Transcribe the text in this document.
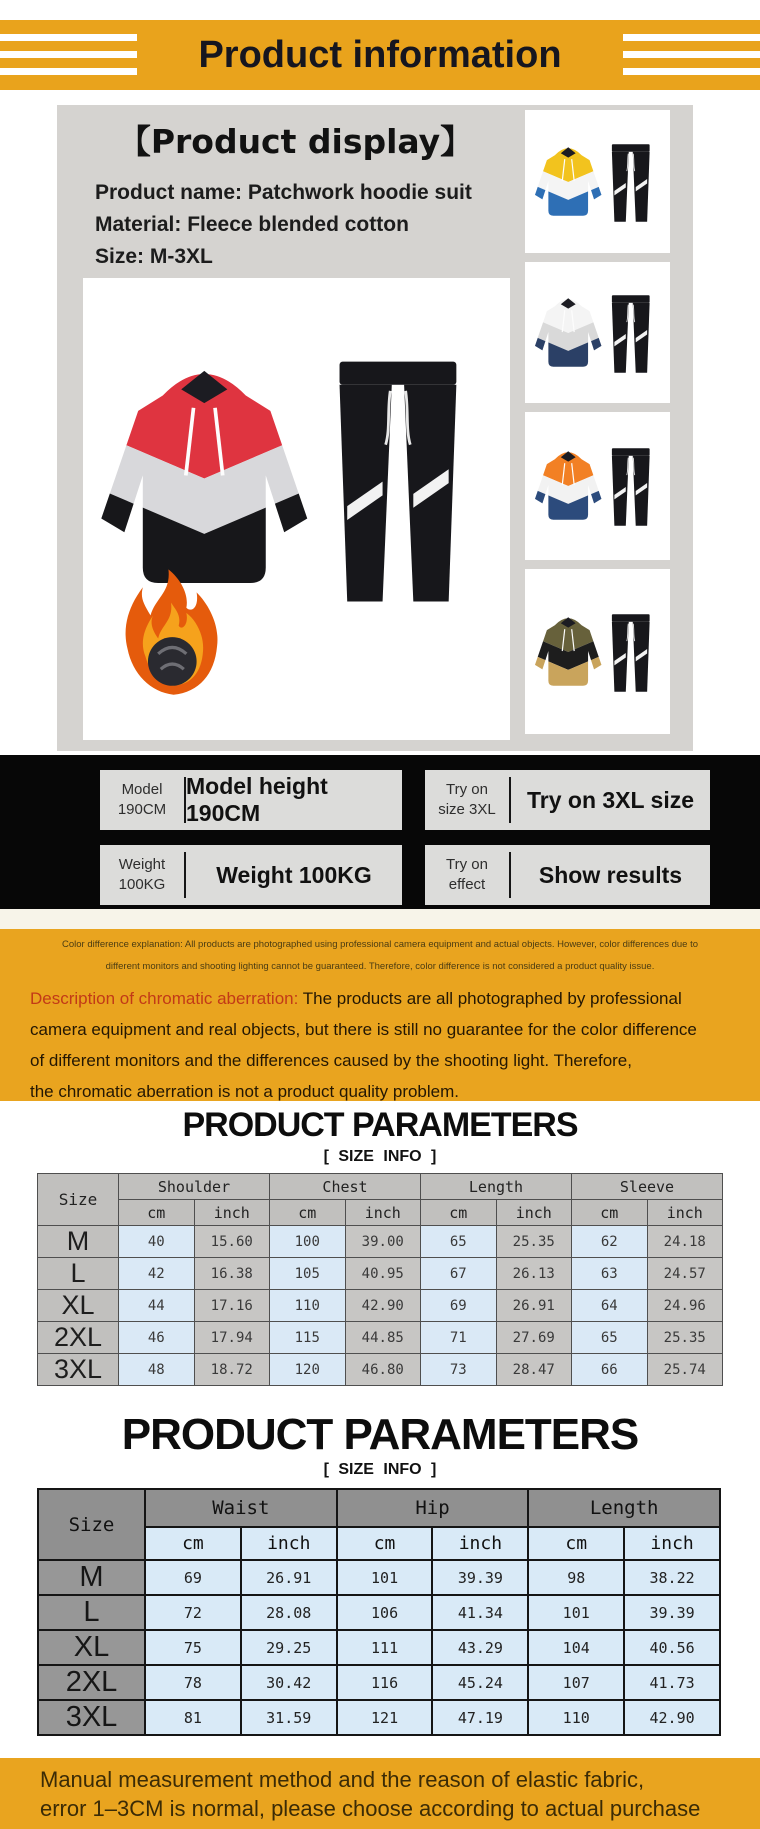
Product information
【Product display】
Product name: Patchwork hoodie suit
Material: Fleece blended cotton
Size: M-3XL
Model
190CM
Model height 190CM
Try on
size 3XL	Try on 3XL size
Weight
100KG	Weight 100KG	Try on
effect	Show results
Color difference explanation: All products are photographed using professional camera equipment and actual objects. However, color differences due to
different monitors and shooting lighting cannot be guaranteed. Therefore, color difference is not considered a product quality issue.
Description of chromatic aberration: The products are all photographed by professional
camera equipment and real objects, but there is still no guarantee for the color difference
of different monitors and the differences caused by the shooting light. Therefore,
the chromatic aberration is not a product quality problem.
PRODUCT PARAMETERS
[ SIZE INFO ]
Size	Shoulder		Chest		Length		Sleeve	
	cm	inch	cm	inch	cm	inch	cm	inch
M	40	15.60	100	39.00	65	25.35	62	24.18
L	42	16.38	105	40.95	67	26.13	63	24.57
XL	44	17.16	110	42.90	69	26.91	64	24.96
2XL	46	17.94	115	44.85	71	27.69	65	25.35
3XL	48	18.72	120	46.80	73	28.47	66	25.74
PRODUCT PARAMETERS
[ SIZE INFO ]
Size	Waist		Hip		Length	
	cm	inch	cm	inch	cm	inch
M	69	26.91	101	39.39	98	38.22
L	72	28.08	106	41.34	101	39.39
XL	75	29.25	111	43.29	104	40.56
2XL	78	30.42	116	45.24	107	41.73
3XL	81	31.59	121	47.19	110	42.90
Manual measurement method and the reason of elastic fabric,
error 1–3CM is normal, please choose according to actual purchase
